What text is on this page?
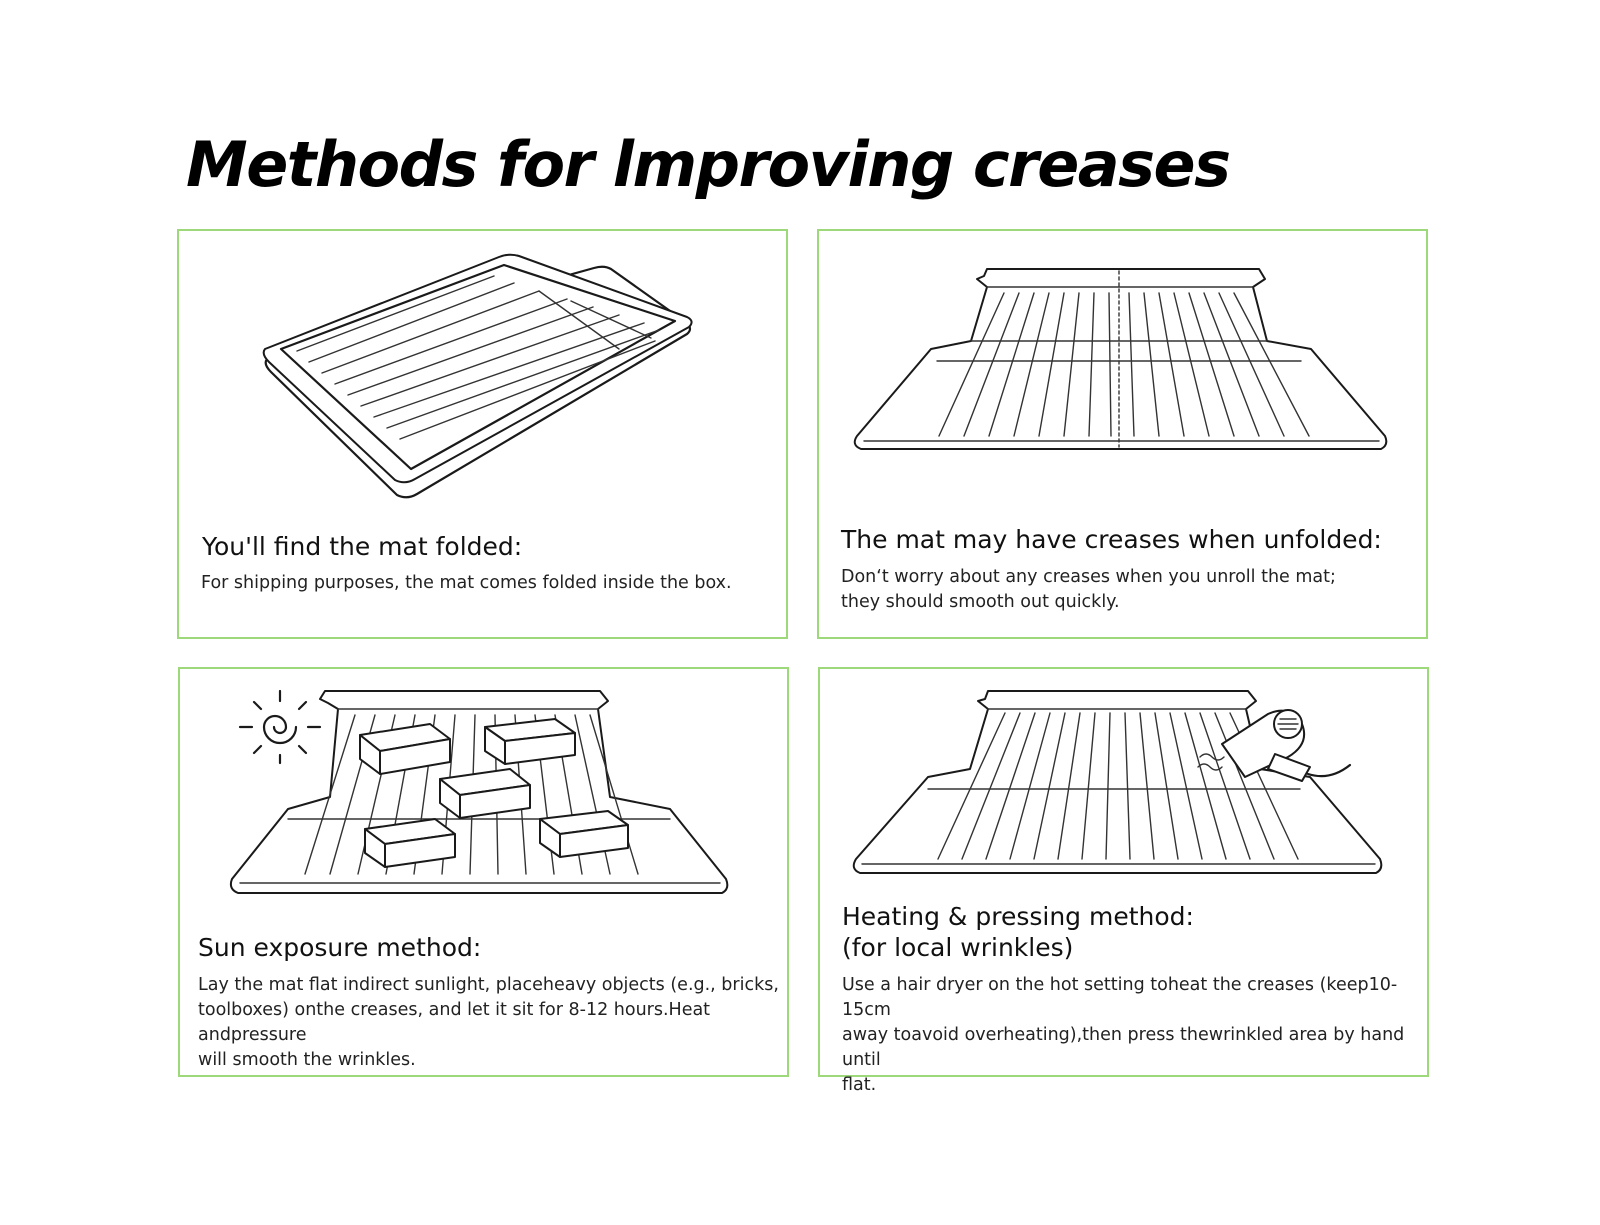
Methods for lmproving creases
You'll find the mat folded:
For shipping purposes, the mat comes folded inside the box.
The mat may have creases when unfolded:
Don‘t worry about any creases when you unroll the mat;
they should smooth out quickly.
Sun exposure method:
Lay the mat flat indirect sunlight, placeheavy objects (e.g., bricks,
toolboxes) onthe creases, and let it sit for 8-12 hours.Heat andpressure
will smooth the wrinkles.
Heating & pressing method:
(for local wrinkles)
Use a hair dryer on the hot setting toheat the creases (keep10-15cm
away toavoid overheating),then press thewrinkled area by hand until
flat.
